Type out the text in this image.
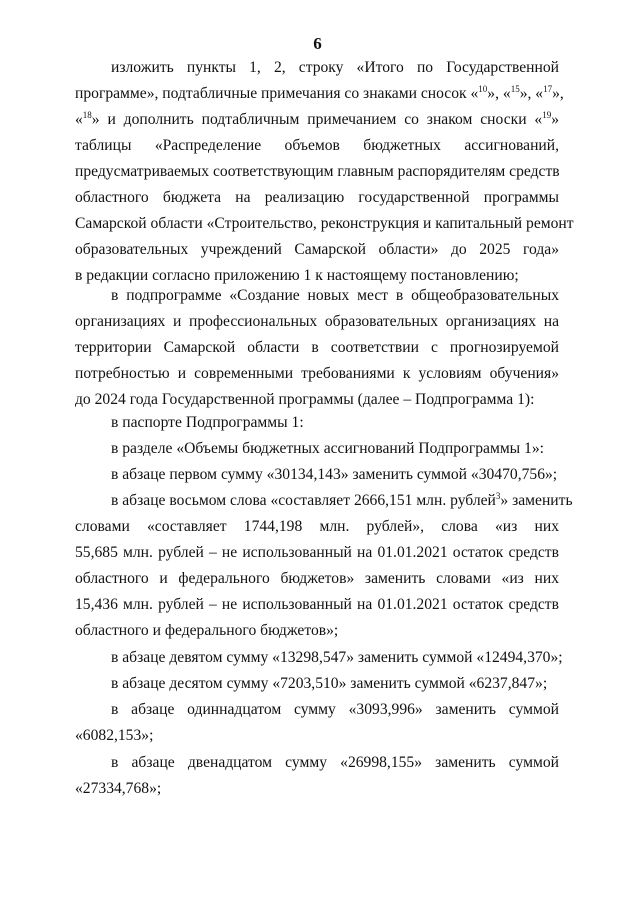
6
изложить пункты 1, 2, строку «Итого по Государственной
программе», подтабличные примечания со знаками сносок «$^{10}$», «$^{15}$», «$^{17}$»,
«$^{18}$» и дополнить подтабличным примечанием со знаком сноски «$^{19}$»
таблицы «Распределение объемов бюджетных ассигнований,
предусматриваемых соответствующим главным распорядителям средств
областного бюджета на реализацию государственной программы
Самарской области «Строительство, реконструкция и капитальный ремонт
образовательных учреждений Самарской области» до 2025 года»
в редакции согласно приложению 1 к настоящему постановлению;
в подпрограмме «Создание новых мест в общеобразовательных
организациях и профессиональных образовательных организациях на
территории Самарской области в соответствии с прогнозируемой
потребностью и современными требованиями к условиям обучения»
до 2024 года Государственной программы (далее – Подпрограмма 1):
в паспорте Подпрограммы 1:
в разделе «Объемы бюджетных ассигнований Подпрограммы 1»:
в абзаце первом сумму «30134,143» заменить суммой «30470,756»;
в абзаце восьмом слова «составляет 2666,151 млн. рублей$^3$» заменить
словами «составляет 1744,198 млн. рублей», слова «из них
55,685 млн. рублей – не использованный на 01.01.2021 остаток средств
областного и федерального бюджетов» заменить словами «из них
15,436 млн. рублей – не использованный на 01.01.2021 остаток средств
областного и федерального бюджетов»;
в абзаце девятом сумму «13298,547» заменить суммой «12494,370»;
в абзаце десятом сумму «7203,510» заменить суммой «6237,847»;
в абзаце одиннадцатом сумму «3093,996» заменить суммой
«6082,153»;
в абзаце двенадцатом сумму «26998,155» заменить суммой
«27334,768»;
